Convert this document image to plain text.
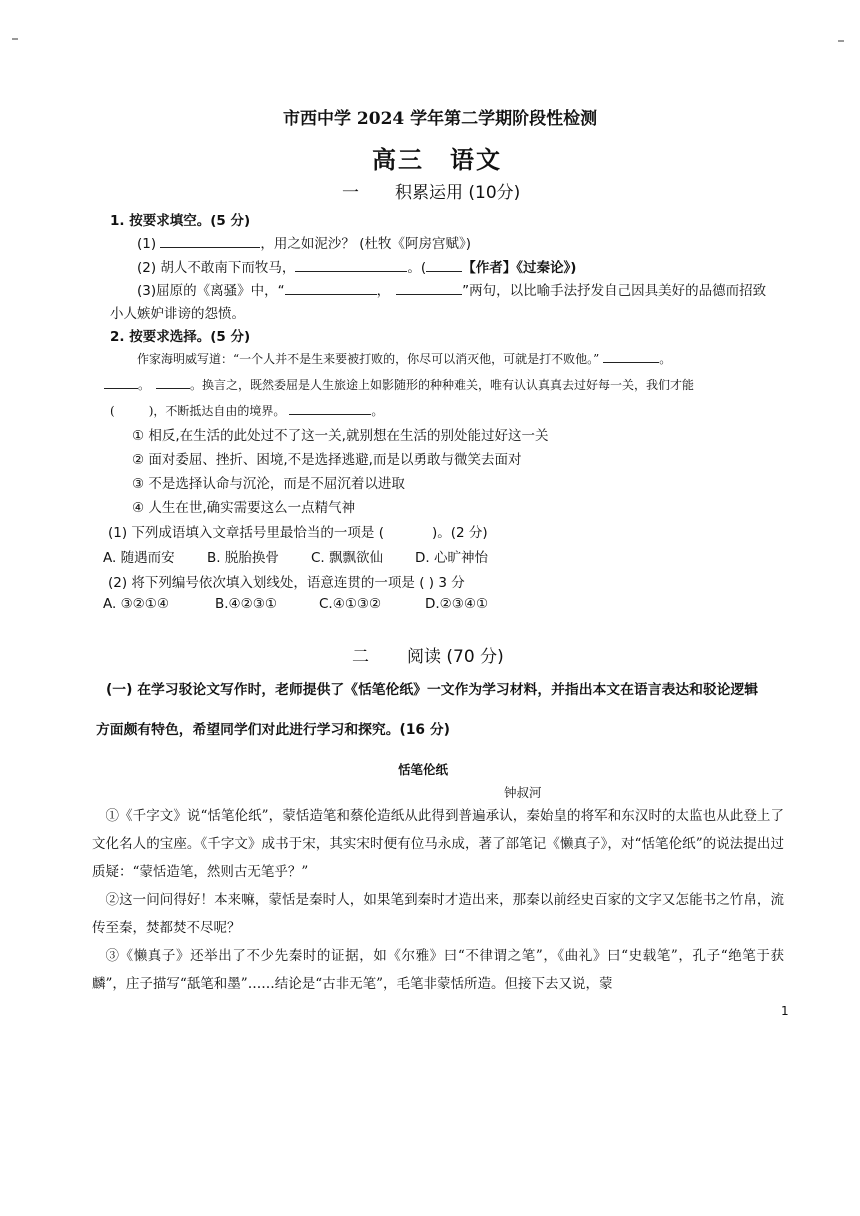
市西中学 2024 学年第二学期阶段性检测
高三 语文
一 积累运用 (10分)
1. 按要求填空。(5 分)
(1)	，用之如泥沙？ (杜牧《阿房宫赋》)
(2) 胡人不敢南下而牧马，	。(	【作者】《过秦论》)
(3)屈原的《离骚》中，“	，	”两句，以比喻手法抒发自己因具美好的品德而招致
小人嫉妒诽谤的怨愤。
2. 按要求选择。(5 分)
作家海明威写道：“一个人并不是生来要被打败的，你尽可以消灭他，可就是打不败他。”	。
。	。换言之，既然委屈是人生旅途上如影随形的种种难关，唯有认认真真去过好每一关，我们才能
(	)，不断抵达自由的境界。	。
① 相反,在生活的此处过不了这一关,就别想在生活的别处能过好这一关
② 面对委屈、挫折、困境,不是选择逃避,而是以勇敢与微笑去面对
③ 不是选择认命与沉沦，而是不屈沉着以进取
④ 人生在世,确实需要这么一点精气神
(1) 下列成语填入文章括号里最恰当的一项是 (	)。(2 分)
A. 随遇而安 B. 脱胎换骨 C. 飘飘欲仙 D. 心旷神怡
(2) 将下列编号依次填入划线处，语意连贯的一项是 ( ) 3 分
A. ③②①④	B.④②③①	C.④①③②	D.②③④①
二 阅读 (70 分)
(一) 在学习驳论文写作时，老师提供了《恬笔伦纸》一文作为学习材料，并指出本文在语言表达和驳论逻辑
方面颇有特色，希望同学们对此进行学习和探究。(16 分)
恬笔伦纸
钟叔河
①《千字文》说“恬笔伦纸”，蒙恬造笔和蔡伦造纸从此得到普遍承认，秦始皇的将军和东汉时的太监也从此登上了文化名人的宝座。《千字文》成书于宋，其实宋时便有位马永成，著了部笔记《懒真子》，对“恬笔伦纸”的说法提出过质疑：“蒙恬造笔，然则古无笔乎？”
②这一问问得好！本来嘛，蒙恬是秦时人，如果笔到秦时才造出来，那秦以前经史百家的文字又怎能书之竹帛，流传至秦，焚都焚不尽呢？
③《懒真子》还举出了不少先秦时的证据，如《尔雅》曰“不律谓之笔”，《曲礼》曰“史载笔”，孔子“绝笔于获麟”，庄子描写“舐笔和墨”……结论是“古非无笔”，毛笔非蒙恬所造。但接下去又说，蒙
1
